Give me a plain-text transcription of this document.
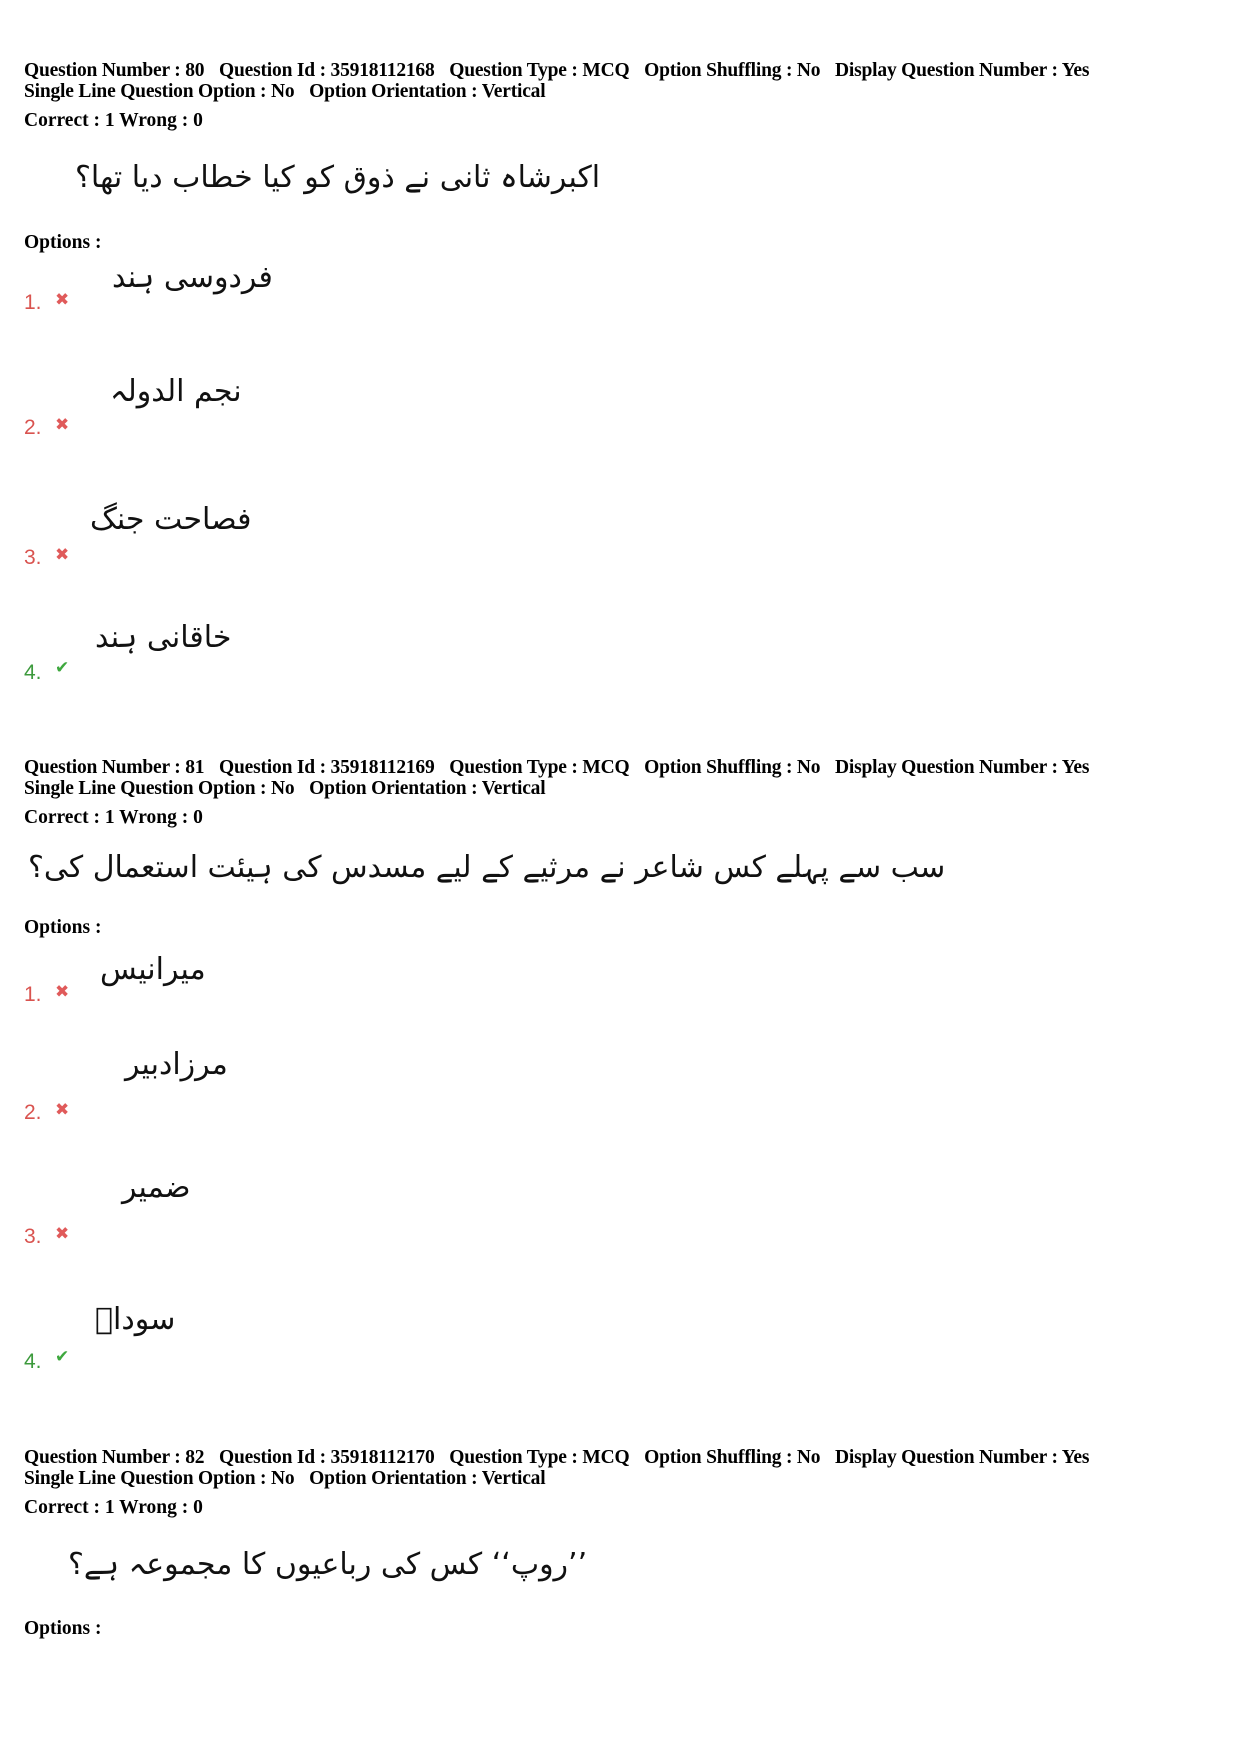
Question Number : 80 Question Id : 35918112168 Question Type : MCQ Option Shuffling : No Display Question Number : Yes
Single Line Question Option : No Option Orientation : Vertical
Correct : 1 Wrong : 0
اکبرشاہ ثانی نے ذوق کو کیا خطاب دیا تھا؟
Options :
فردوسی ہند
1. ✖
نجم الدولہ
2. ✖
فصاحت جنگ
3. ✖
خاقانی ہند
4. ✔
Question Number : 81 Question Id : 35918112169 Question Type : MCQ Option Shuffling : No Display Question Number : Yes
Single Line Question Option : No Option Orientation : Vertical
Correct : 1 Wrong : 0
سب سے پہلے کس شاعر نے مرثیے کے لیے مسدس کی ہیئت استعمال کی؟
Options :
میرانیس
1. ✖
مرزادبیر
2. ✖
ضمیر
3. ✖
سوداؔ
4. ✔
Question Number : 82 Question Id : 35918112170 Question Type : MCQ Option Shuffling : No Display Question Number : Yes
Single Line Question Option : No Option Orientation : Vertical
Correct : 1 Wrong : 0
’’روپ‘‘ کس کی رباعیوں کا مجموعہ ہے؟
Options :
